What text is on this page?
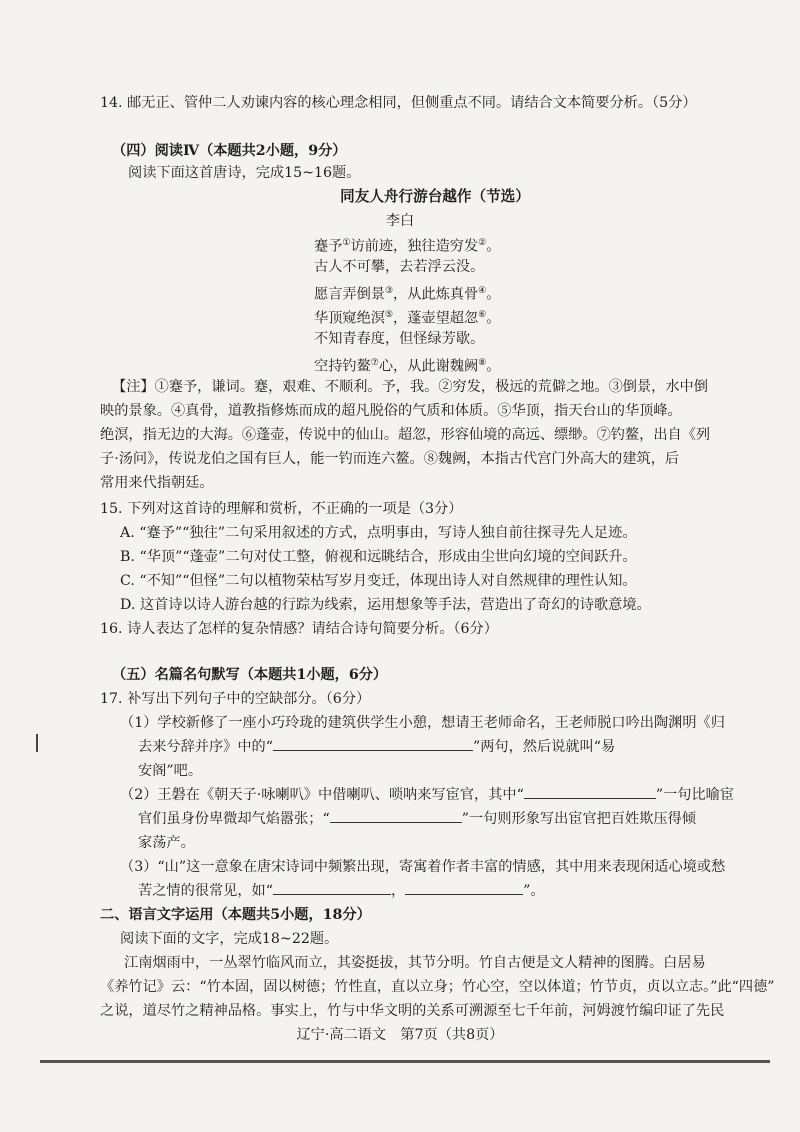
14. 邮无正、管仲二人劝谏内容的核心理念相同，但侧重点不同。请结合文本简要分析。（5分）
（四）阅读Ⅳ（本题共2小题，9分）
阅读下面这首唐诗，完成15~16题。
同友人舟行游台越作（节选）
李白
蹇予①访前迹，独往造穷发②。
古人不可攀，去若浮云没。
愿言弄倒景③，从此炼真骨④。
华顶窥绝溟⑤，蓬壶望超忽⑥。
不知青春度，但怪绿芳歇。
空持钓鳌⑦心，从此谢魏阙⑧。
【注】①蹇予，谦词。蹇，艰难、不顺利。予，我。②穷发，极远的荒僻之地。③倒景，水中倒
映的景象。④真骨，道教指修炼而成的超凡脱俗的气质和体质。⑤华顶，指天台山的华顶峰。
绝溟，指无边的大海。⑥蓬壶，传说中的仙山。超忽，形容仙境的高远、缥缈。⑦钓鳌，出自《列
子·汤问》，传说龙伯之国有巨人，能一钓而连六鳌。⑧魏阙，本指古代宫门外高大的建筑，后
常用来代指朝廷。
15. 下列对这首诗的理解和赏析，不正确的一项是（3分）
A. “蹇予”“独往”二句采用叙述的方式，点明事由，写诗人独自前往探寻先人足迹。
B. “华顶”“蓬壶”二句对仗工整，俯视和远眺结合，形成由尘世向幻境的空间跃升。
C. “不知”“但怪”二句以植物荣枯写岁月变迁，体现出诗人对自然规律的理性认知。
D. 这首诗以诗人游台越的行踪为线索，运用想象等手法，营造出了奇幻的诗歌意境。
16. 诗人表达了怎样的复杂情感？请结合诗句简要分析。（6分）
（五）名篇名句默写（本题共1小题，6分）
17. 补写出下列句子中的空缺部分。（6分）
（1）学校新修了一座小巧玲珑的建筑供学生小憩，想请王老师命名，王老师脱口吟出陶渊明《归
去来兮辞并序》中的“	”两句，然后说就叫“易
安阁”吧。
（2）王磐在《朝天子·咏喇叭》中借喇叭、唢呐来写宦官，其中“	”一句比喻宦
官们虽身份卑微却气焰嚣张；“	”一句则形象写出宦官把百姓欺压得倾
家荡产。
（3）“山”这一意象在唐宋诗词中频繁出现，寄寓着作者丰富的情感，其中用来表现闲适心境或愁
苦之情的很常见，如“	，	”。
二、语言文字运用（本题共5小题，18分）
阅读下面的文字，完成18~22题。
江南烟雨中，一丛翠竹临风而立，其姿挺拔，其节分明。竹自古便是文人精神的图腾。白居易
《养竹记》云：“竹本固，固以树德；竹性直，直以立身；竹心空，空以体道；竹节贞，贞以立志。”此“四德”
之说，道尽竹之精神品格。事实上，竹与中华文明的关系可溯源至七千年前，河姆渡竹编印证了先民
辽宁·高二语文　第7页（共8页）
